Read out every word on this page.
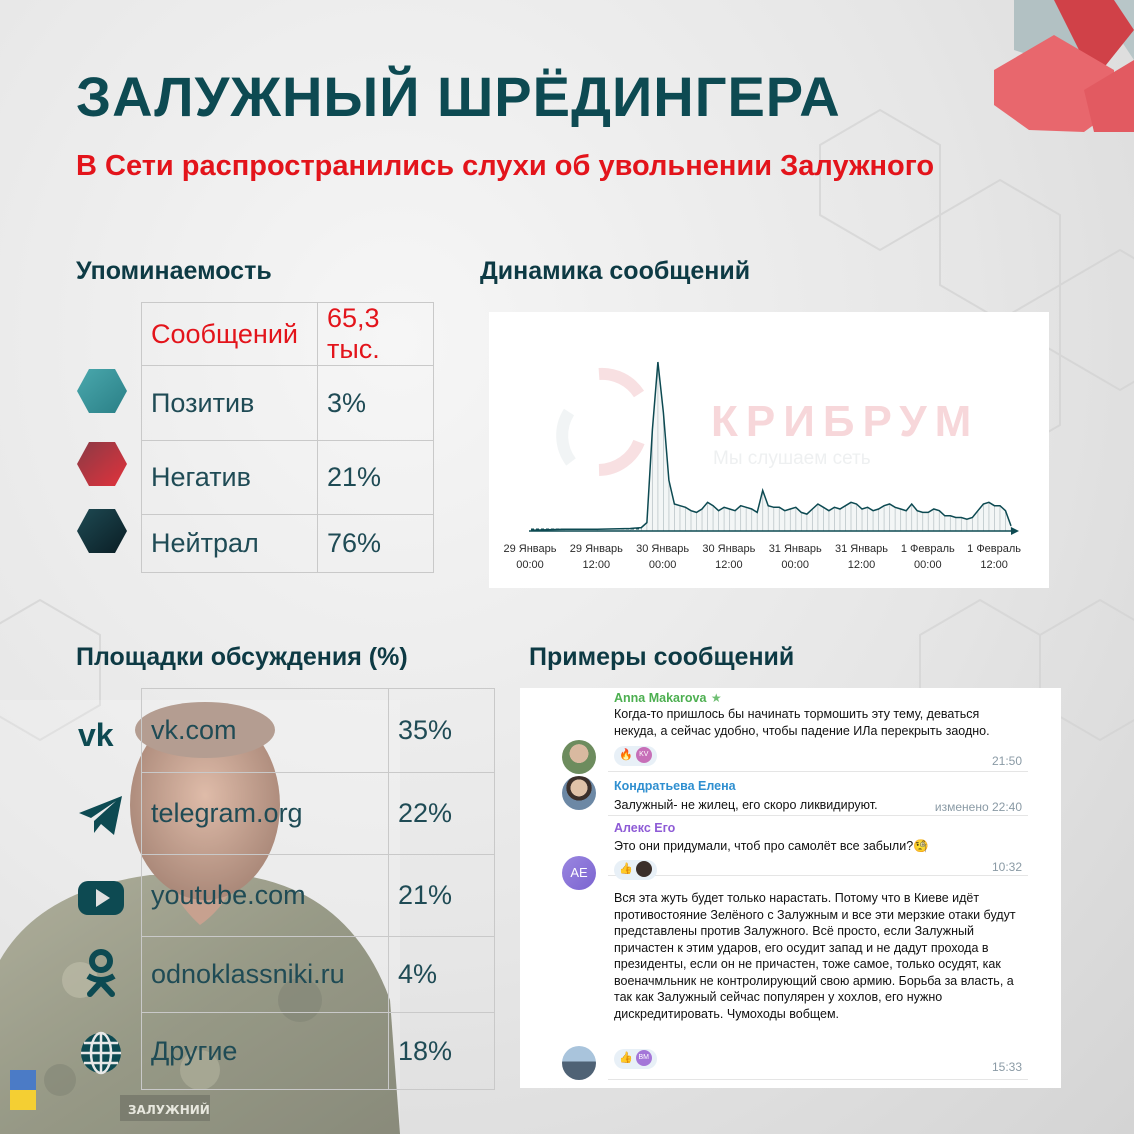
ЗАЛУЖНЫЙ ШРЁДИНГЕРА
В Сети распространились слухи об увольнении Залужного
Упоминаемость
Сообщений	65,3 тыс.
Позитив	3%
Негатив	21%
Нейтрал	76%
Динамика сообщений
КРИБРУМ
Мы слушаем сеть
29 Январь
00:00
29 Январь
12:00
30 Январь
00:00
30 Январь
12:00
31 Январь
00:00
31 Январь
12:00
1 Февраль
00:00
1 Февраль
12:00
Площадки обсуждения (%)
ЗАЛУЖНИЙ
vk vk.com	35%
telegram.org	22%
youtube.com	21%
odnoklassniki.ru	4%
Другие	18%
Примеры сообщений
Anna Makarova ★
Когда-то пришлось бы начинать тормошить эту тему, деваться некуда, а сейчас удобно, чтобы падение ИЛа перекрыть заодно.
🔥 KV	21:50
Кондратьева Елена
Залужный- не жилец, его скоро ликвидируют.	изменено 22:40
AE
Алекс Его
Это они придумали, чтоб про самолёт все забыли?🧐
👍	10:32
Вся эта жуть будет только нарастать. Потому что в Киеве идёт противостояние Зелёного с Залужным и все эти мерзкие отаки будут представлены против Залужного. Всё просто, если Залужный причастен к этим ударов, его осудит запад и не дадут прохода в президенты, если он не причастен, тоже самое, только осудят, как военачмльник не контролирующий свою армию. Борьба за власть, а так как Залужный сейчас популярен у хохлов, его нужно дискредитировать. Чумоходы вобщем.
👍 BM
15:33
